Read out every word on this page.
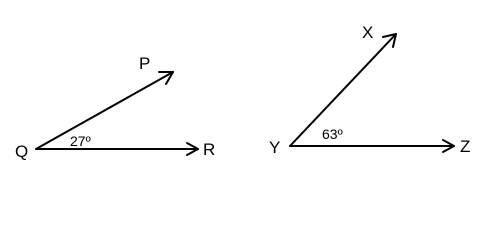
P
R
Q
27º
X
Z
Y
63º
